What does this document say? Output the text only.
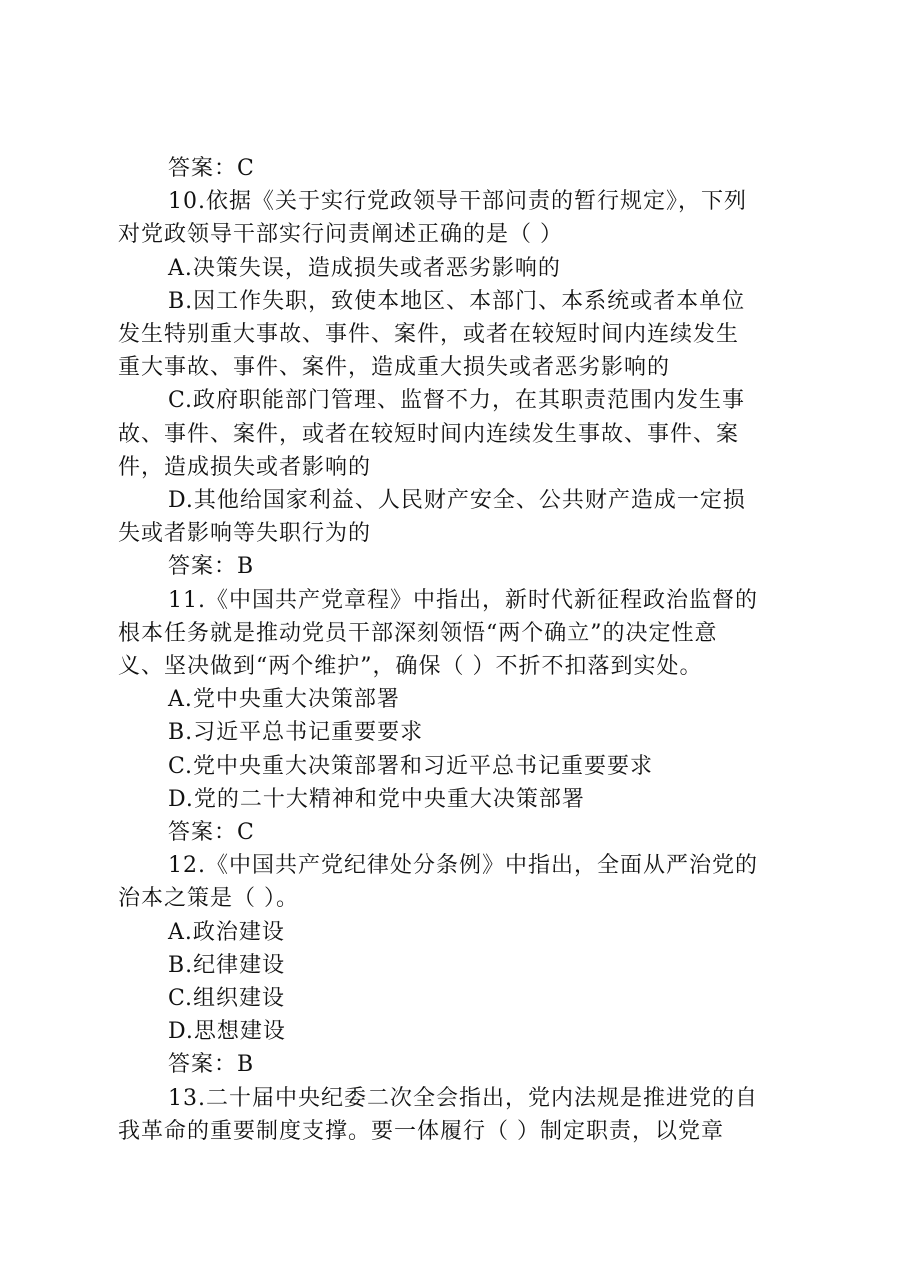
答案：C
10.依据《关于实行党政领导干部问责的暂行规定》，下列
对党政领导干部实行问责阐述正确的是（ ）
A.决策失误，造成损失或者恶劣影响的
B.因工作失职，致使本地区、本部门、本系统或者本单位
发生特别重大事故、事件、案件，或者在较短时间内连续发生
重大事故、事件、案件，造成重大损失或者恶劣影响的
C.政府职能部门管理、监督不力，在其职责范围内发生事
故、事件、案件，或者在较短时间内连续发生事故、事件、案
件，造成损失或者影响的
D.其他给国家利益、人民财产安全、公共财产造成一定损
失或者影响等失职行为的
答案：B
11.《中国共产党章程》中指出，新时代新征程政治监督的
根本任务就是推动党员干部深刻领悟“两个确立”的决定性意
义、坚决做到“两个维护”，确保（ ）不折不扣落到实处。
A.党中央重大决策部署
B.习近平总书记重要要求
C.党中央重大决策部署和习近平总书记重要要求
D.党的二十大精神和党中央重大决策部署
答案：C
12.《中国共产党纪律处分条例》中指出，全面从严治党的
治本之策是（ ）。
A.政治建设
B.纪律建设
C.组织建设
D.思想建设
答案：B
13.二十届中央纪委二次全会指出，党内法规是推进党的自
我革命的重要制度支撑。要一体履行（ ）制定职责，以党章
